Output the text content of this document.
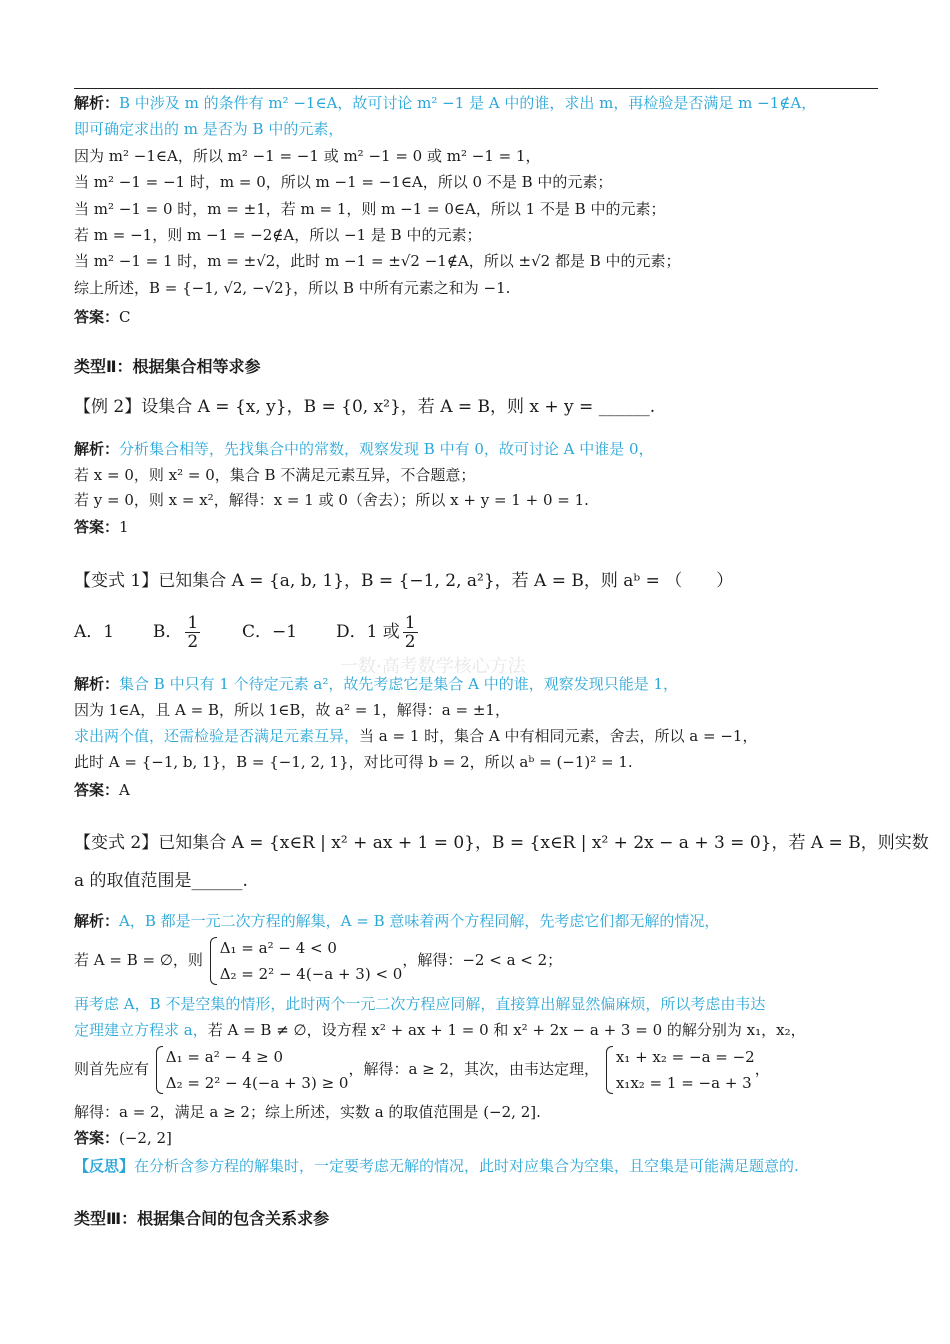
一数·高考数学核心方法
解析：B 中涉及 m 的条件有 m² −1∈A，故可讨论 m² −1 是 A 中的谁，求出 m，再检验是否满足 m −1∉A，
即可确定求出的 m 是否为 B 中的元素，
因为 m² −1∈A，所以 m² −1 = −1 或 m² −1 = 0 或 m² −1 = 1，
当 m² −1 = −1 时，m = 0，所以 m −1 = −1∈A，所以 0 不是 B 中的元素；
当 m² −1 = 0 时，m = ±1，若 m = 1，则 m −1 = 0∈A，所以 1 不是 B 中的元素；
若 m = −1，则 m −1 = −2∉A，所以 −1 是 B 中的元素；
当 m² −1 = 1 时，m = ±√2，此时 m −1 = ±√2 −1∉A，所以 ±√2 都是 B 中的元素；
综上所述，B = {−1, √2, −√2}，所以 B 中所有元素之和为 −1.
答案：C
类型Ⅱ：根据集合相等求参
【例 2】设集合 A = {x, y}，B = {0, x²}，若 A = B，则 x + y = ______.
解析：分析集合相等，先找集合中的常数，观察发现 B 中有 0，故可讨论 A 中谁是 0，
若 x = 0，则 x² = 0，集合 B 不满足元素互异，不合题意；
若 y = 0，则 x = x²，解得：x = 1 或 0（舍去）；所以 x + y = 1 + 0 = 1.
答案：1
【变式 1】已知集合 A = {a, b, 1}，B = {−1, 2, a²}，若 A = B，则 aᵇ = （　　）
A．1 B． $\frac{1}{2}$ C．−1 D．1 或 $\frac{1}{2}$
解析：集合 B 中只有 1 个待定元素 a²，故先考虑它是集合 A 中的谁，观察发现只能是 1，
因为 1∈A，且 A = B，所以 1∈B，故 a² = 1，解得：a = ±1，
求出两个值，还需检验是否满足元素互异，当 a = 1 时，集合 A 中有相同元素，舍去，所以 a = −1，
此时 A = {−1, b, 1}，B = {−1, 2, 1}，对比可得 b = 2，所以 aᵇ = (−1)² = 1.
答案：A
【变式 2】已知集合 A = {x∈R | x² + ax + 1 = 0}，B = {x∈R | x² + 2x − a + 3 = 0}，若 A = B，则实数
a 的取值范围是______.
解析：A，B 都是一元二次方程的解集，A = B 意味着两个方程同解，先考虑它们都无解的情况，
若 A = B = ∅，则
Δ₁ = a² − 4 < 0
Δ₂ = 2² − 4(−a + 3) < 0
，解得：−2 < a < 2；
再考虑 A，B 不是空集的情形，此时两个一元二次方程应同解，直接算出解显然偏麻烦，所以考虑由韦达
定理建立方程求 a，若 A = B ≠ ∅，设方程 x² + ax + 1 = 0 和 x² + 2x − a + 3 = 0 的解分别为 x₁，x₂，
则首先应有
Δ₁ = a² − 4 ≥ 0
Δ₂ = 2² − 4(−a + 3) ≥ 0
，解得：a ≥ 2，其次，由韦达定理，
x₁ + x₂ = −a = −2
x₁x₂ = 1 = −a + 3
，
解得：a = 2，满足 a ≥ 2；综上所述，实数 a 的取值范围是 (−2, 2].
答案：(−2, 2]
【反思】在分析含参方程的解集时，一定要考虑无解的情况，此时对应集合为空集，且空集是可能满足题意的.
类型Ⅲ：根据集合间的包含关系求参
